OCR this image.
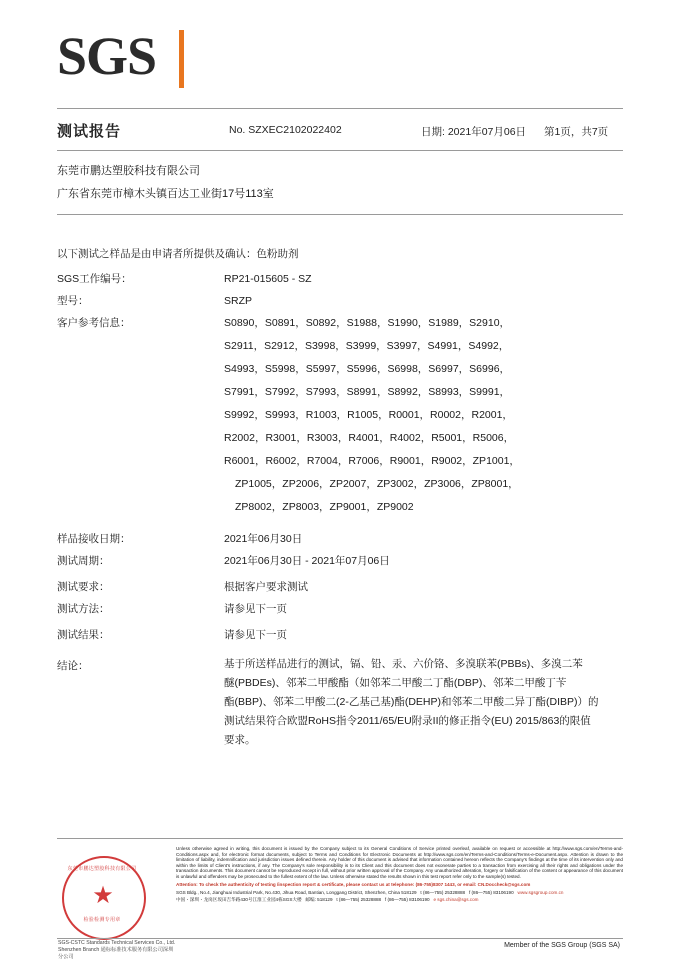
SGS
测试报告	No. SZXEC2102022402	日期: 2021年07月06日 第1页，共7页
东莞市鹏达塑胶科技有限公司
广东省东莞市樟木头镇百达工业街17号113室
以下测试之样品是由申请者所提供及确认：色粉助剂
SGS工作编号：	RP21-015605 - SZ
型号：	SRZP
客户参考信息：	S0890，S0891，S0892，S1988，S1990，S1989，S2910，
S2911，S2912，S3998，S3999，S3997，S4991，S4992，
S4993，S5998，S5997，S5996，S6998，S6997，S6996，
S7991，S7992，S7993，S8991，S8992，S8993，S9991，
S9992，S9993，R1003，R1005，R0001，R0002，R2001，
R2002，R3001，R3003，R4001，R4002，R5001，R5006，
R6001，R6002，R7004，R7006，R9001，R9002，ZP1001，
ZP1005，ZP2006，ZP2007，ZP3002，ZP3006，ZP8001，
ZP8002，ZP8003，ZP9001，ZP9002
样品接收日期：	2021年06月30日
测试周期：	2021年06月30日 - 2021年07月06日
测试要求：	根据客户要求测试
测试方法：	请参见下一页
测试结果：	请参见下一页
结论：	基于所送样品进行的测试，镉、铅、汞、六价铬、多溴联苯(PBBs)、多溴二苯
醚(PBDEs)、邻苯二甲酸酯（如邻苯二甲酸二丁酯(DBP)、邻苯二甲酸丁苄
酯(BBP)、邻苯二甲酸二(2-乙基己基)酯(DEHP)和邻苯二甲酸二异丁酯(DIBP)）的
测试结果符合欧盟RoHS指令2011/65/EU附录II的修正指令(EU) 2015/863的限值
要求。
东莞市鹏达塑胶科技有限公司
★
检验检测专用章
SGS-CSTC Standards Technical Services Co., Ltd.
Shenzhen Branch 通标标准技术服务有限公司深圳分公司
Unless otherwise agreed in writing, this document is issued by the Company subject to its General Conditions of Service printed overleaf, available on request or accessible at http://www.sgs.com/en/Terms-and-Conditions.aspx and, for electronic format documents, subject to Terms and Conditions for Electronic Documents at http://www.sgs.com/en/Terms-and-Conditions/Terms-e-Document.aspx. Attention is drawn to the limitation of liability, indemnification and jurisdiction issues defined therein. Any holder of this document is advised that information contained hereon reflects the Company's findings at the time of its intervention only and within the limits of Client's instructions, if any. The Company's sole responsibility is to its Client and this document does not exonerate parties to a transaction from exercising all their rights and obligations under the transaction documents. This document cannot be reproduced except in full, without prior written approval of the Company. Any unauthorized alteration, forgery or falsification of the content or appearance of this document is unlawful and offenders may be prosecuted to the fullest extent of the law. Unless otherwise stated the results shown in this test report refer only to the sample(s) tested.
Attention: To check the authenticity of testing /inspection report & certificate, please contact us at telephone: (86-755)8307 1443, or email: CN.Doccheck@sgs.com
SGS Bldg., No.4, Jianghuai Industrial Park, No.430, Jihua Road, Bantian, Longgang District, Shenzhen, China 518129 t (86—755) 25328888 f (86—755) 83106190 www.sgsgroup.com.cn
中国・深圳・龙岗区坂田吉华路430号江淮工业园4栋SGS大楼 邮编: 518129 t (86—755) 25328888 f (86—755) 83106190 e sgs.china@sgs.com
Member of the SGS Group (SGS SA)
